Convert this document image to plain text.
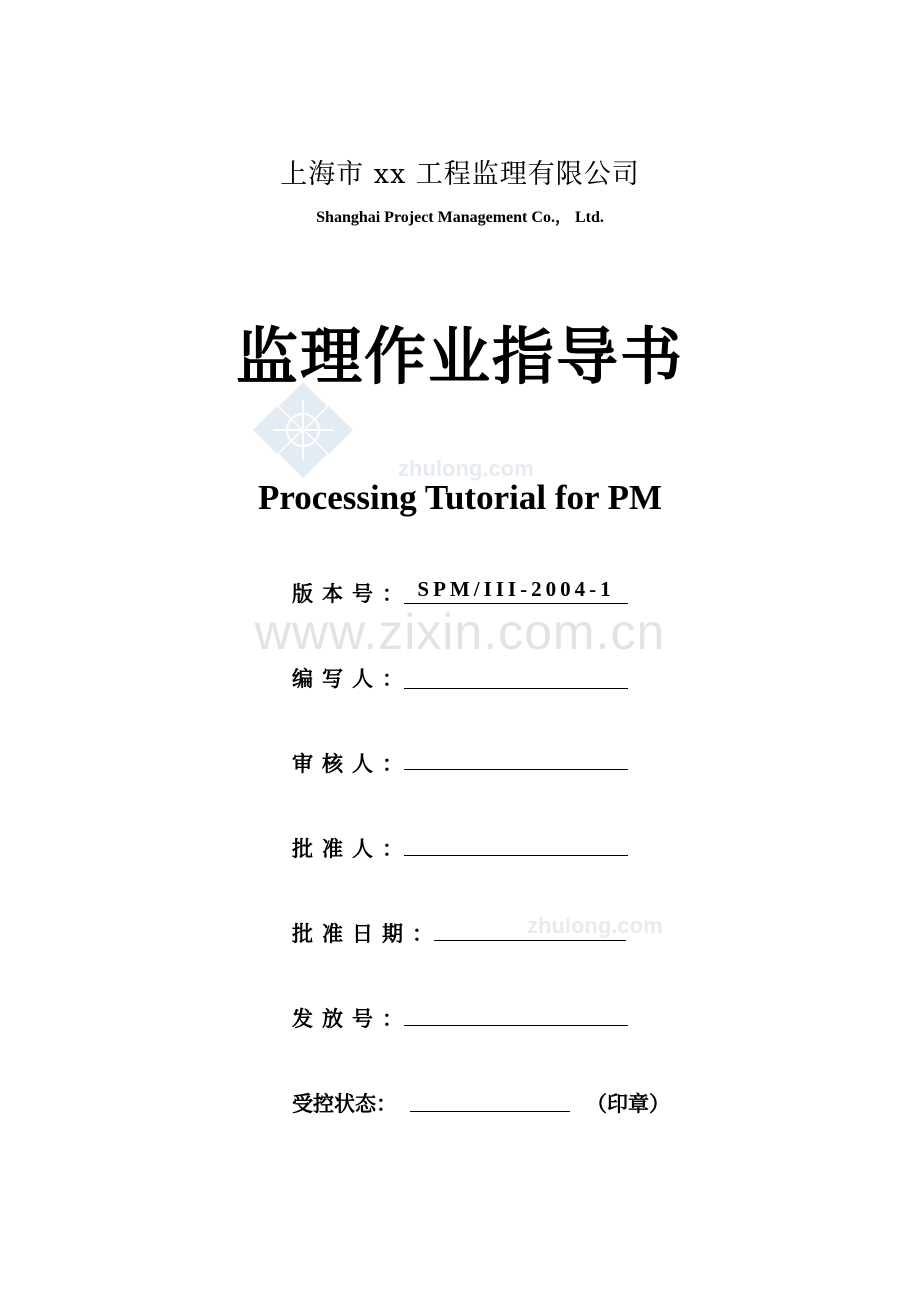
zhulong.com
www.zixin.com.cn
zhulong.com
上海市 xx 工程监理有限公司
Shanghai Project Management Co.， Ltd.
监理作业指导书
Processing Tutorial for PM
版本号： SPM/III-2004-1
编写人：
审核人：
批准人：
批准日期：
发放号：
受控状态：	（印章）
